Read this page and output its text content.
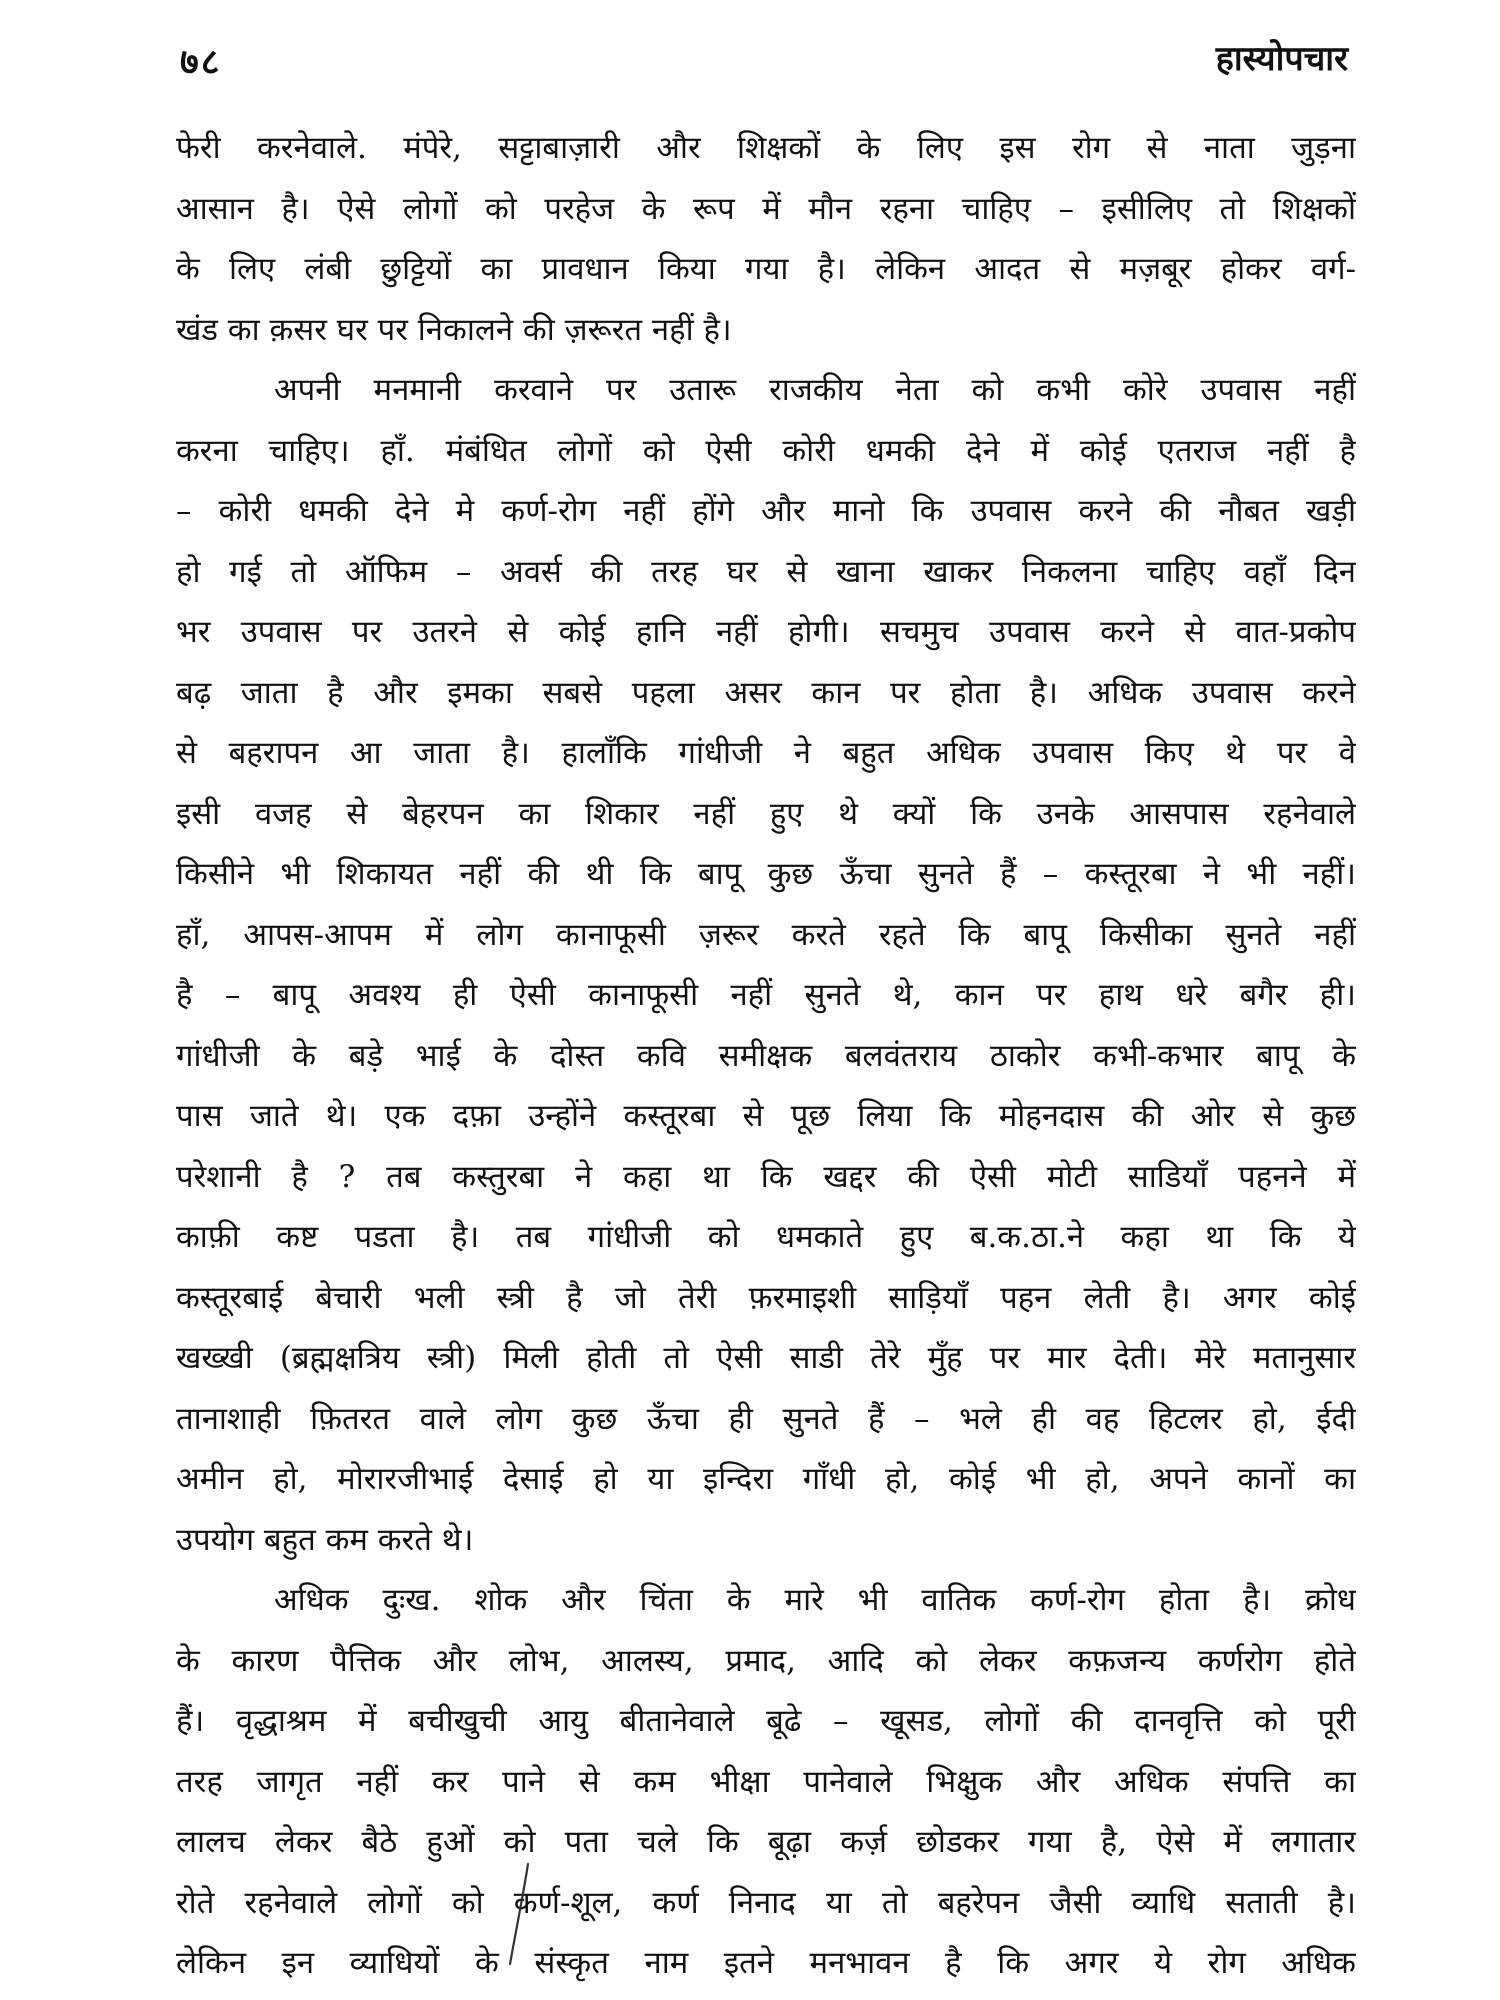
७८	हास्योपचार
फेरी करनेवाले. मंपेरे, सट्टाबाज़ारी और शिक्षकों के लिए इस रोग से नाता जुड़ना
आसान है। ऐसे लोगों को परहेज के रूप में मौन रहना चाहिए – इसीलिए तो शिक्षकों
के लिए लंबी छुट्टियों का प्रावधान किया गया है। लेकिन आदत से मज़बूर होकर वर्ग-
खंड का क़सर घर पर निकालने की ज़रूरत नहीं है।
अपनी मनमानी करवाने पर उतारू राजकीय नेता को कभी कोरे उपवास नहीं
करना चाहिए। हाँ. मंबंधित लोगों को ऐसी कोरी धमकी देने में कोई एतराज नहीं है
– कोरी धमकी देने मे कर्ण-रोग नहीं होंगे और मानो कि उपवास करने की नौबत खड़ी
हो गई तो ऑफिम – अवर्स की तरह घर से खाना खाकर निकलना चाहिए वहाँ दिन
भर उपवास पर उतरने से कोई हानि नहीं होगी। सचमुच उपवास करने से वात-प्रकोप
बढ़ जाता है और इमका सबसे पहला असर कान पर होता है। अधिक उपवास करने
से बहरापन आ जाता है। हालाँकि गांधीजी ने बहुत अधिक उपवास किए थे पर वे
इसी वजह से बेहरपन का शिकार नहीं हुए थे क्यों कि उनके आसपास रहनेवाले
किसीने भी शिकायत नहीं की थी कि बापू कुछ ऊँचा सुनते हैं – कस्तूरबा ने भी नहीं।
हाँ, आपस-आपम में लोग कानाफूसी ज़रूर करते रहते कि बापू किसीका सुनते नहीं
है – बापू अवश्य ही ऐसी कानाफूसी नहीं सुनते थे, कान पर हाथ धरे बगैर ही।
गांधीजी के बड़े भाई के दोस्त कवि समीक्षक बलवंतराय ठाकोर कभी-कभार बापू के
पास जाते थे। एक दफ़ा उन्होंने कस्तूरबा से पूछ लिया कि मोहनदास की ओर से कुछ
परेशानी है ? तब कस्तुरबा ने कहा था कि खद्दर की ऐसी मोटी साडियाँ पहनने में
काफ़ी कष्ट पडता है। तब गांधीजी को धमकाते हुए ब.क.ठा.ने कहा था कि ये
कस्तूरबाई बेचारी भली स्त्री है जो तेरी फ़रमाइशी साड़ियाँ पहन लेती है। अगर कोई
खख्खी (ब्रह्मक्षत्रिय स्त्री) मिली होती तो ऐसी साडी तेरे मुँह पर मार देती। मेरे मतानुसार
तानाशाही फ़ितरत वाले लोग कुछ ऊँचा ही सुनते हैं – भले ही वह हिटलर हो, ईदी
अमीन हो, मोरारजीभाई देसाई हो या इन्दिरा गाँधी हो, कोई भी हो, अपने कानों का
उपयोग बहुत कम करते थे।
अधिक दुःख. शोक और चिंता के मारे भी वातिक कर्ण-रोग होता है। क्रोध
के कारण पैत्तिक और लोभ, आलस्य, प्रमाद, आदि को लेकर कफ़जन्य कर्णरोग होते
हैं। वृद्धाश्रम में बचीखुची आयु बीतानेवाले बूढे – खूसड, लोगों की दानवृत्ति को पूरी
तरह जागृत नहीं कर पाने से कम भीक्षा पानेवाले भिक्षुक और अधिक संपत्ति का
लालच लेकर बैठे हुओं को पता चले कि बूढ़ा कर्ज़ छोडकर गया है, ऐसे में लगातार
रोते रहनेवाले लोगों को कर्ण-शूल, कर्ण निनाद या तो बहरेपन जैसी व्याधि सताती है।
लेकिन इन व्याधियों के संस्कृत नाम इतने मनभावन है कि अगर ये रोग अधिक
